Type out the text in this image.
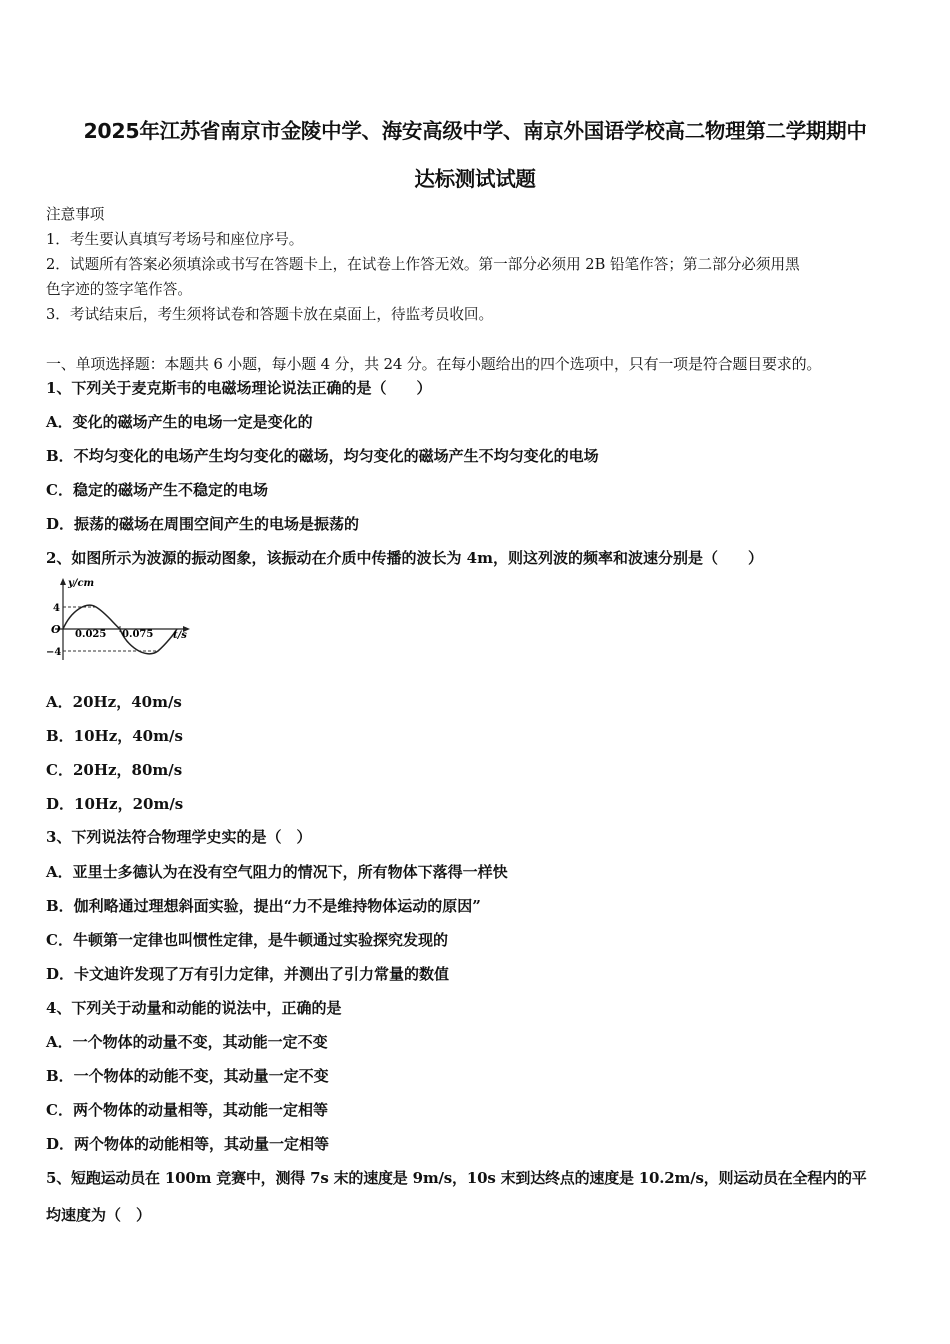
2025年江苏省南京市金陵中学、海安高级中学、南京外国语学校高二物理第二学期期中
达标测试试题
注意事项
1．考生要认真填写考场号和座位序号。
2．试题所有答案必须填涂或书写在答题卡上，在试卷上作答无效。第一部分必须用 2B 铅笔作答；第二部分必须用黑
色字迹的签字笔作答。
3．考试结束后，考生须将试卷和答题卡放在桌面上，待监考员收回。
一、单项选择题：本题共 6 小题，每小题 4 分，共 24 分。在每小题给出的四个选项中，只有一项是符合题目要求的。
1、下列关于麦克斯韦的电磁场理论说法正确的是（　　）
A．变化的磁场产生的电场一定是变化的
B．不均匀变化的电场产生均匀变化的磁场，均匀变化的磁场产生不均匀变化的电场
C．稳定的磁场产生不稳定的电场
D．振荡的磁场在周围空间产生的电场是振荡的
2、如图所示为波源的振动图象，该振动在介质中传播的波长为 4m，则这列波的频率和波速分别是（　　）
y/cm
4
−4
O 0.025 0.075 t/s
A．20Hz，40m/s
B．10Hz，40m/s
C．20Hz，80m/s
D．10Hz，20m/s
3、下列说法符合物理学史实的是（　）
A．亚里士多德认为在没有空气阻力的情况下，所有物体下落得一样快
B．伽利略通过理想斜面实验，提出“力不是维持物体运动的原因”
C．牛顿第一定律也叫惯性定律，是牛顿通过实验探究发现的
D．卡文迪许发现了万有引力定律，并测出了引力常量的数值
4、下列关于动量和动能的说法中，正确的是
A．一个物体的动量不变，其动能一定不变
B．一个物体的动能不变，其动量一定不变
C．两个物体的动量相等，其动能一定相等
D．两个物体的动能相等，其动量一定相等
5、短跑运动员在 100m 竞赛中，测得 7s 末的速度是 9m/s，10s 末到达终点的速度是 10.2m/s，则运动员在全程内的平
均速度为（　）
